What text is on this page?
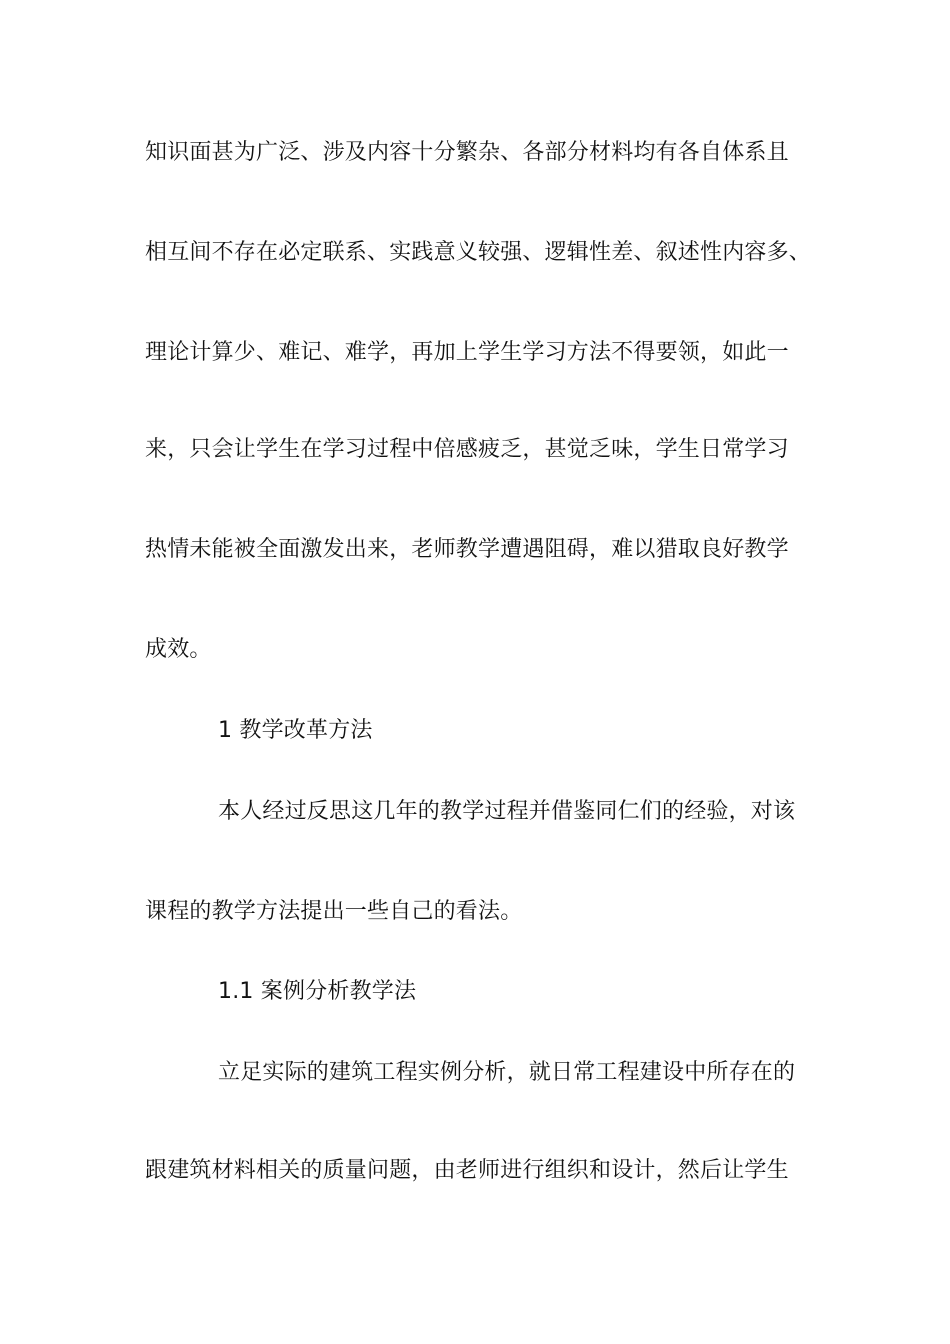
知识面甚为广泛、涉及内容十分繁杂、各部分材料均有各自体系且
相互间不存在必定联系、实践意义较强、逻辑性差、叙述性内容多、
理论计算少、难记、难学，再加上学生学习方法不得要领，如此一
来，只会让学生在学习过程中倍感疲乏，甚觉乏味，学生日常学习
热情未能被全面激发出来，老师教学遭遇阻碍，难以猎取良好教学
成效。
1 教学改革方法
本人经过反思这几年的教学过程并借鉴同仁们的经验，对该
课程的教学方法提出一些自己的看法。
1.1 案例分析教学法
立足实际的建筑工程实例分析，就日常工程建设中所存在的
跟建筑材料相关的质量问题，由老师进行组织和设计，然后让学生
